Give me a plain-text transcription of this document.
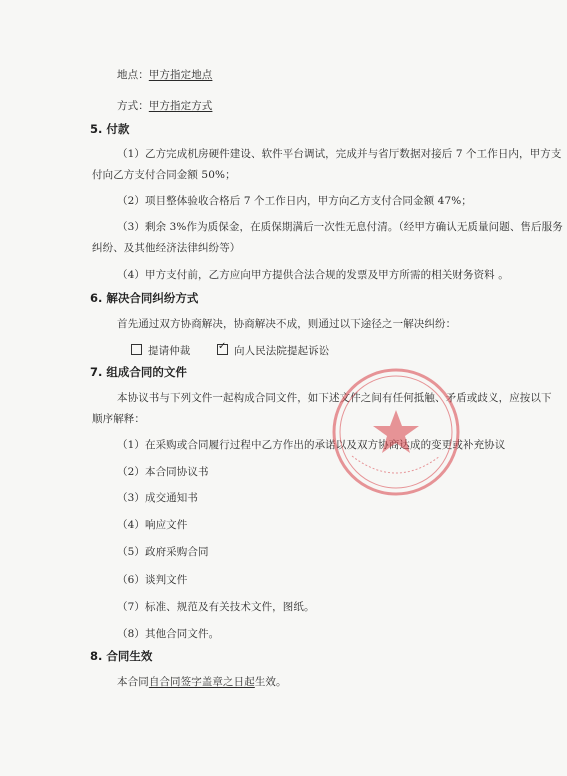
地点：甲方指定地点
方式：甲方指定方式
5. 付款
（1）乙方完成机房硬件建设、软件平台调试，完成并与省厅数据对接后 7 个工作日内，甲方支
付向乙方支付合同金额 50%；
（2）项目整体验收合格后 7 个工作日内，甲方向乙方支付合同金额 47%；
（3）剩余 3%作为质保金，在质保期满后一次性无息付清。（经甲方确认无质量问题、售后服务
纠纷、及其他经济法律纠纷等）
（4）甲方支付前，乙方应向甲方提供合法合规的发票及甲方所需的相关财务资料 。
6. 解决合同纠纷方式
首先通过双方协商解决，协商解决不成，则通过以下途径之一解决纠纷：
提请仲裁
✓	向人民法院提起诉讼
7. 组成合同的文件
本协议书与下列文件一起构成合同文件，如下述文件之间有任何抵触、矛盾或歧义，应按以下
顺序解释：
（1）在采购或合同履行过程中乙方作出的承诺以及双方协商达成的变更或补充协议
（2）本合同协议书
（3）成交通知书
（4）响应文件
（5）政府采购合同
（6）谈判文件
（7）标准、规范及有关技术文件，图纸。
（8）其他合同文件。
8. 合同生效
本合同自合同签字盖章之日起生效。
